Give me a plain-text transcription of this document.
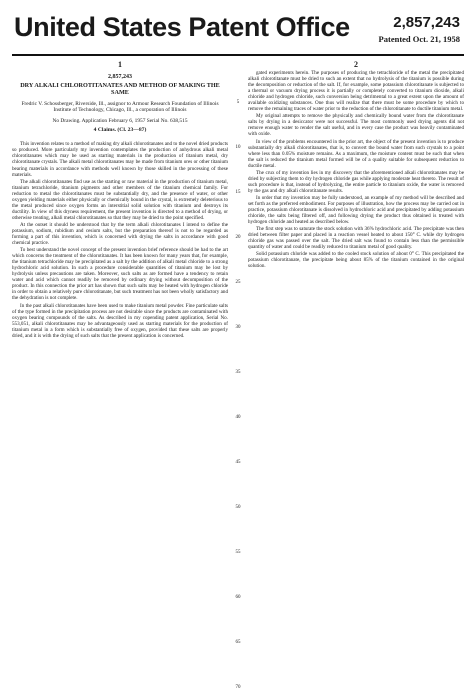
United States Patent Office	2,857,243
Patented Oct. 21, 1958
1
2,857,243
DRY ALKALI CHLOROTITANATES AND METHOD OF MAKING THE SAME
Fredric V. Schossberger, Riverside, Ill., assignor to Armour Research Foundation of Illinois Institute of Technology, Chicago, Ill., a corporation of Illinois
No Drawing. Application February 6, 1957 Serial No. 638,515
4 Claims. (Cl. 23—87)

This invention relates to a method of making dry alkali chlorotitanates and to the novel dried products so produced. More particularly my invention contemplates the production of anhydrous alkali metal chlorotitanates which may be used as starting materials in the production of titanium metal, dry chlorotitanate crystals. The alkali metal chlorotitanates may be made from titanium ores or other titanium bearing materials in accordance with methods well known by those skilled in the processing of these materials.

The alkali chlorotitanates find use as the starting or raw material in the production of titanium metal, titanium tetrachloride, titanium pigments and other members of the titanium chemical family. For reduction to metal the chlorotitanates must be substantially dry, and the presence of water, or other oxygen yielding materials either physically or chemically bound in the crystal, is extremely deleterious to the metal produced since oxygen forms an interstitial solid solution with titanium and destroys its ductility. In view of this dryness requirement, the present invention is directed to a method of drying, or otherwise treating, alkali metal chlorotitanates so that they may be dried to the point specified.

At the outset it should be understood that by the term alkali chlorotitanates I intend to define the potassium, sodium, rubidium and cesium salts, but the preparation thereof is not to be regarded as forming a part of this invention, which is concerned with drying the salts in accordance with good chemical practice.

To best understand the novel concept of the present invention brief reference should be had to the art which concerns the treatment of the chlorotitanates. It has been known for many years that, for example, the titanium tetrachloride may be precipitated as a salt by the addition of alkali metal chloride to a strong hydrochloric acid solution. In such a procedure considerable quantities of titanium may be lost by hydrolysis unless precautions are taken. Moreover, such salts as are formed have a tendency to retain water and acid which cannot readily be removed by ordinary drying without decomposition of the product. In this connection the prior art has shown that such salts may be heated with hydrogen chloride in order to obtain a relatively pure chlorotitanate, but such treatment has not been wholly satisfactory and the dehydration is not complete.

In the past alkali chlorotitanates have been used to make titanium metal powder. Fine particulate salts of the type formed in the precipitation process are not desirable since the products are contaminated with oxygen bearing compounds of the salts. As described in my copending patent application, Serial No. 553,051, alkali chlorotitanates may be advantageously used as starting materials for the production of titanium metal in a form which is substantially free of oxygen, provided that these salts are properly dried, and it is with the drying of such salts that the present application is concerned.

5
10
15
20
25
30
35
40
45
50
55
60
65
70
2

gated experiments herein. The purposes of producing the tetrachloride of the metal the precipitated alkali chlorotitanate must be dried to such an extent that no hydrolysis of the titanium is possible during the decomposition or reduction of the salt. If, for example, some potassium chlorotitanate is subjected to a thermal or vacuum drying process it is partially or completely converted to titanium dioxide, alkali chloride and hydrogen chloride, such conversion being detrimental to a great extent upon the amount of available oxidizing substances. One thus will realize that there must be some procedure by which to remove the remaining traces of water prior to the reduction of the chlorotitanate to ductile titanium metal.

My original attempts to remove the physically and chemically bound water from the chlorotitanate salts by drying in a desiccator were not successful. The most commonly used drying agents did not remove enough water to render the salt useful, and in every case the product was heavily contaminated with oxide.

In view of the problems encountered in the prior art, the object of the present invention is to produce substantially dry alkali chlorotitanates, that is, to convert the bound water from such crystals to a point where less than 0.05% moisture remains. As a maximum, the moisture content must be such that when the salt is reduced the titanium metal formed will be of a quality suitable for subsequent reduction to ductile metal.

The crux of my invention lies in my discovery that the aforementioned alkali chlorotitanates may be dried by subjecting them to dry hydrogen chloride gas while applying moderate heat thereto. The result of such procedure is that, instead of hydrolyzing, the entire particle to titanium oxide, the water is removed by the gas and dry alkali chlorotitanate results.

In order that my invention may be fully understood, an example of my method will be described and set forth as the preferred embodiment. For purposes of illustration, how the process may be carried out in practice, potassium chlorotitanate is dissolved in hydrochloric acid and precipitated by adding potassium chloride, the salts being filtered off, and following drying the product thus obtained is treated with hydrogen chloride and heated as described below.

The first step was to saturate the stock solution with 36% hydrochloric acid. The precipitate was then dried between filter paper and placed in a reaction vessel heated to about 150° C. while dry hydrogen chloride gas was passed over the salt. The dried salt was found to contain less than the permissible quantity of water and could be readily reduced to titanium metal of good quality.

Solid potassium chloride was added to the cooled stock solution of about 0° C. This precipitated the potassium chlorotitanate, the precipitate being about 85% of the titanium contained in the original solution.
